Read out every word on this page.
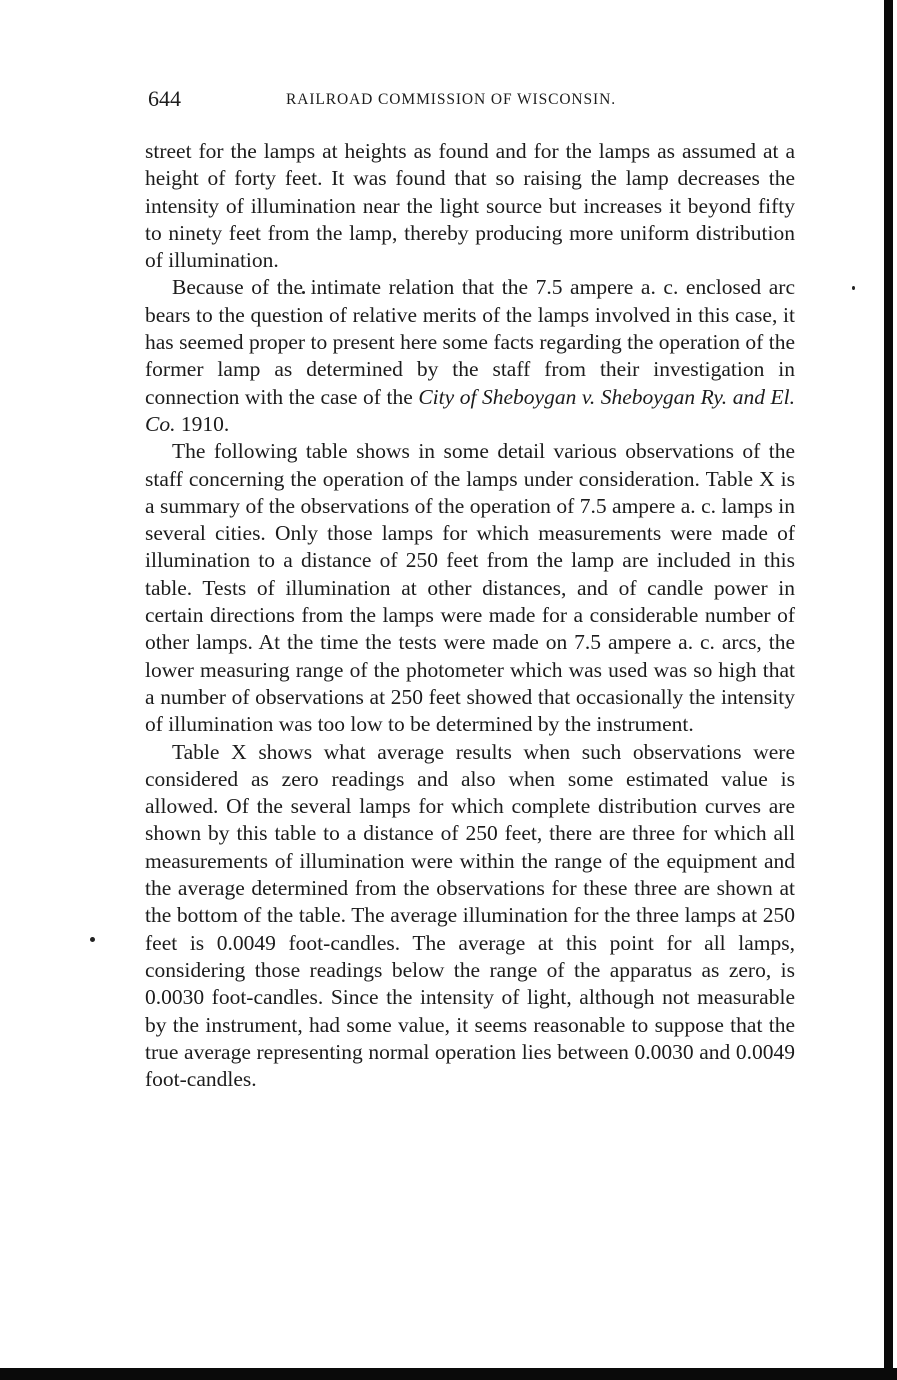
644	RAILROAD COMMISSION OF WISCONSIN.

street for the lamps at heights as found and for the lamps as assumed at a height of forty feet. It was found that so raising the lamp decreases the intensity of illumination near the light source but increases it beyond fifty to ninety feet from the lamp, thereby producing more uniform distribution of illumination.

Because of the intimate relation that the 7.5 ampere a. c. enclosed arc bears to the question of relative merits of the lamps involved in this case, it has seemed proper to present here some facts regarding the operation of the former lamp as determined by the staff from their investigation in connection with the case of the City of Sheboygan v. Sheboygan Ry. and El. Co. 1910.

The following table shows in some detail various observations of the staff concerning the operation of the lamps under consideration. Table X is a summary of the observations of the operation of 7.5 ampere a. c. lamps in several cities. Only those lamps for which measurements were made of illumination to a distance of 250 feet from the lamp are included in this table. Tests of illumination at other distances, and of candle power in certain directions from the lamps were made for a considerable number of other lamps. At the time the tests were made on 7.5 ampere a. c. arcs, the lower measuring range of the photometer which was used was so high that a number of observations at 250 feet showed that occasionally the intensity of illumination was too low to be determined by the instrument.

Table X shows what average results when such observations were considered as zero readings and also when some estimated value is allowed. Of the several lamps for which complete distribution curves are shown by this table to a distance of 250 feet, there are three for which all measurements of illumination were within the range of the equipment and the average determined from the observations for these three are shown at the bottom of the table. The average illumination for the three lamps at 250 feet is 0.0049 foot-candles. The average at this point for all lamps, considering those readings below the range of the apparatus as zero, is 0.0030 foot-candles. Since the intensity of light, although not measurable by the instrument, had some value, it seems reasonable to suppose that the true average representing normal operation lies between 0.0030 and 0.0049 foot-candles.
